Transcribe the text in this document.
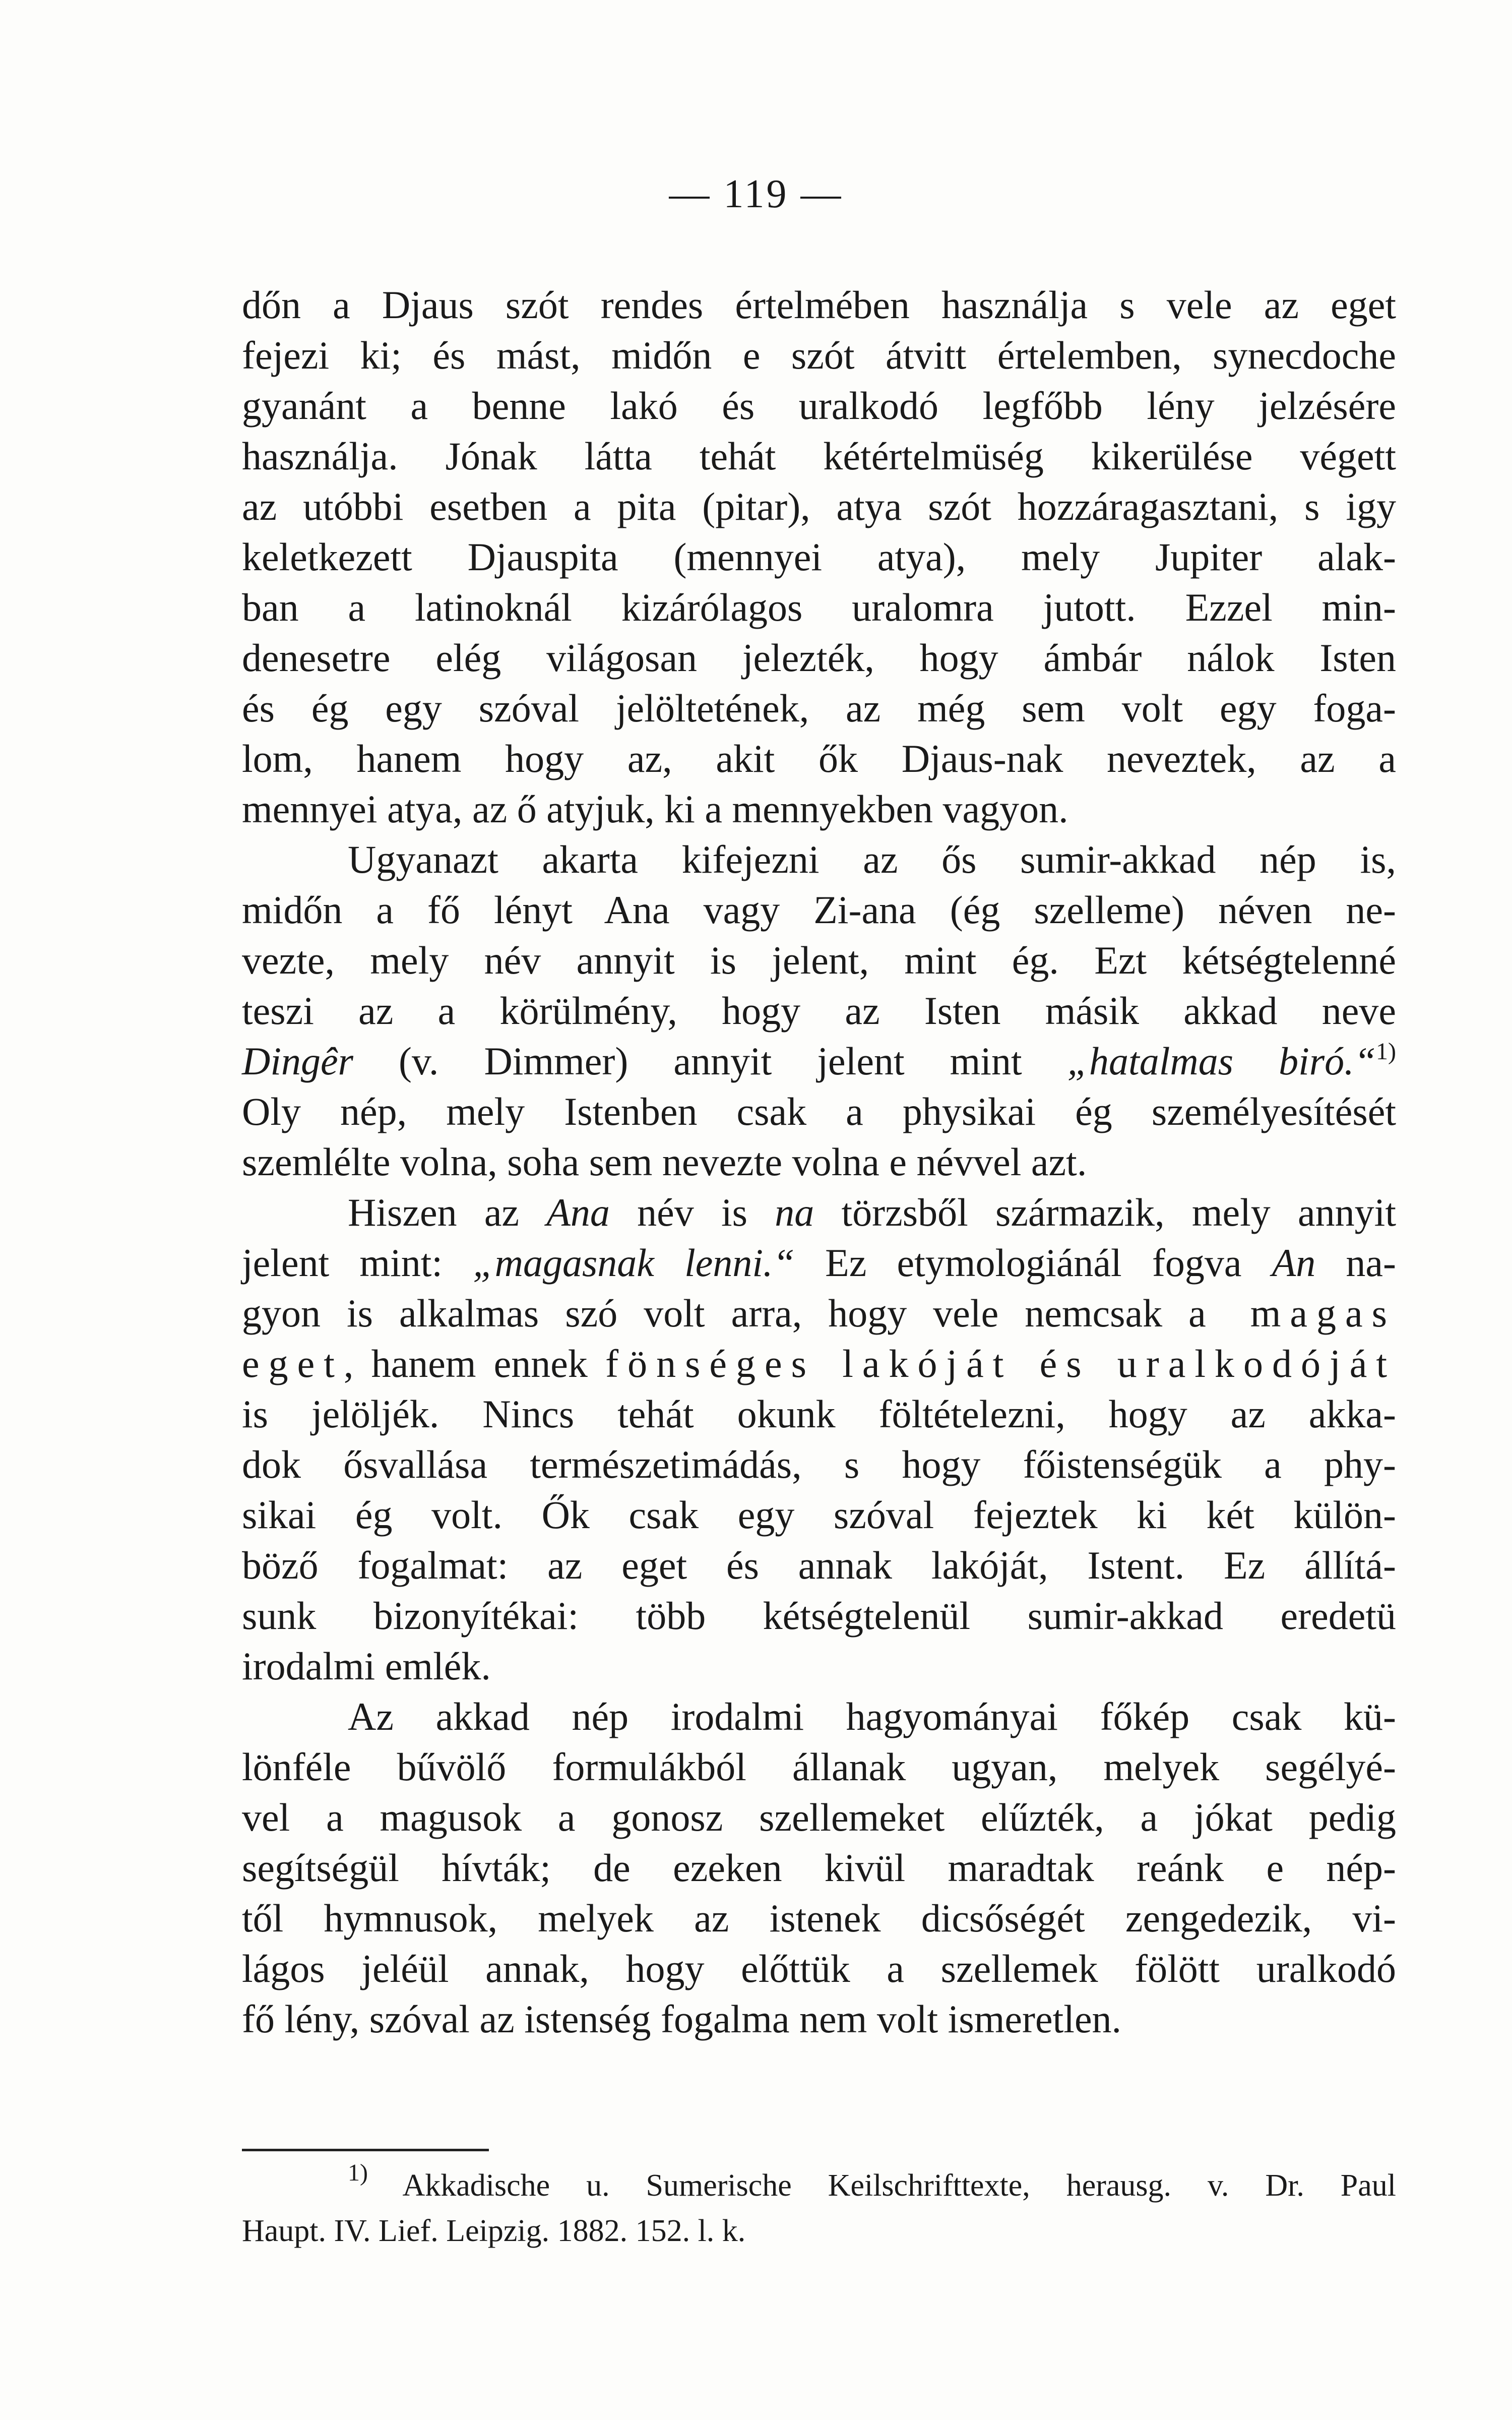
— 119 —
dőn a Djaus szót rendes értelmében használja s vele az eget
fejezi ki; és mást, midőn e szót átvitt értelemben, synecdoche
gyanánt a benne lakó és uralkodó legfőbb lény jelzésére
használja. Jónak látta tehát kétértelmüség kikerülése végett
az utóbbi esetben a pita (pitar), atya szót hozzáragasztani, s igy
keletkezett Djauspita (mennyei atya), mely Jupiter alak-
ban a latinoknál kizárólagos uralomra jutott. Ezzel min-
denesetre elég világosan jelezték, hogy ámbár nálok Isten
és ég egy szóval jelöltetének, az még sem volt egy foga-
lom, hanem hogy az, akit ők Djaus-nak neveztek, az a
mennyei atya, az ő atyjuk, ki a mennyekben vagyon.
Ugyanazt akarta kifejezni az ős sumir-akkad nép is,
midőn a fő lényt Ana vagy Zi-ana (ég szelleme) néven ne-
vezte, mely név annyit is jelent, mint ég. Ezt kétségtelenné
teszi az a körülmény, hogy az Isten másik akkad neve
Dingêr (v. Dimmer) annyit jelent mint „hatalmas biró.“$^{1)}$
Oly nép, mely Istenben csak a physikai ég személyesítését
szemlélte volna, soha sem nevezte volna e névvel azt.
Hiszen az Ana név is na törzsből származik, mely annyit
jelent mint: „magasnak lenni.“ Ez etymologiánál fogva An na-
gyon is alkalmas szó volt arra, hogy vele nemcsak a magas
eget, hanem ennek fönséges lakóját és uralkodóját
is jelöljék. Nincs tehát okunk föltételezni, hogy az akka-
dok ősvallása természetimádás, s hogy főistenségük a phy-
sikai ég volt. Ők csak egy szóval fejeztek ki két külön-
böző fogalmat: az eget és annak lakóját, Istent. Ez állítá-
sunk bizonyítékai: több kétségtelenül sumir-akkad eredetü
irodalmi emlék.
Az akkad nép irodalmi hagyományai főkép csak kü-
lönféle bűvölő formulákból állanak ugyan, melyek segélyé-
vel a magusok a gonosz szellemeket elűzték, a jókat pedig
segítségül hívták; de ezeken kivül maradtak reánk e nép-
től hymnusok, melyek az istenek dicsőségét zengedezik, vi-
lágos jeléül annak, hogy előttük a szellemek fölött uralkodó
fő lény, szóval az istenség fogalma nem volt ismeretlen.
$^{1)}$ Akkadische u. Sumerische Keilschrifttexte, herausg. v. Dr. Paul
Haupt. IV. Lief. Leipzig. 1882. 152. l. k.
